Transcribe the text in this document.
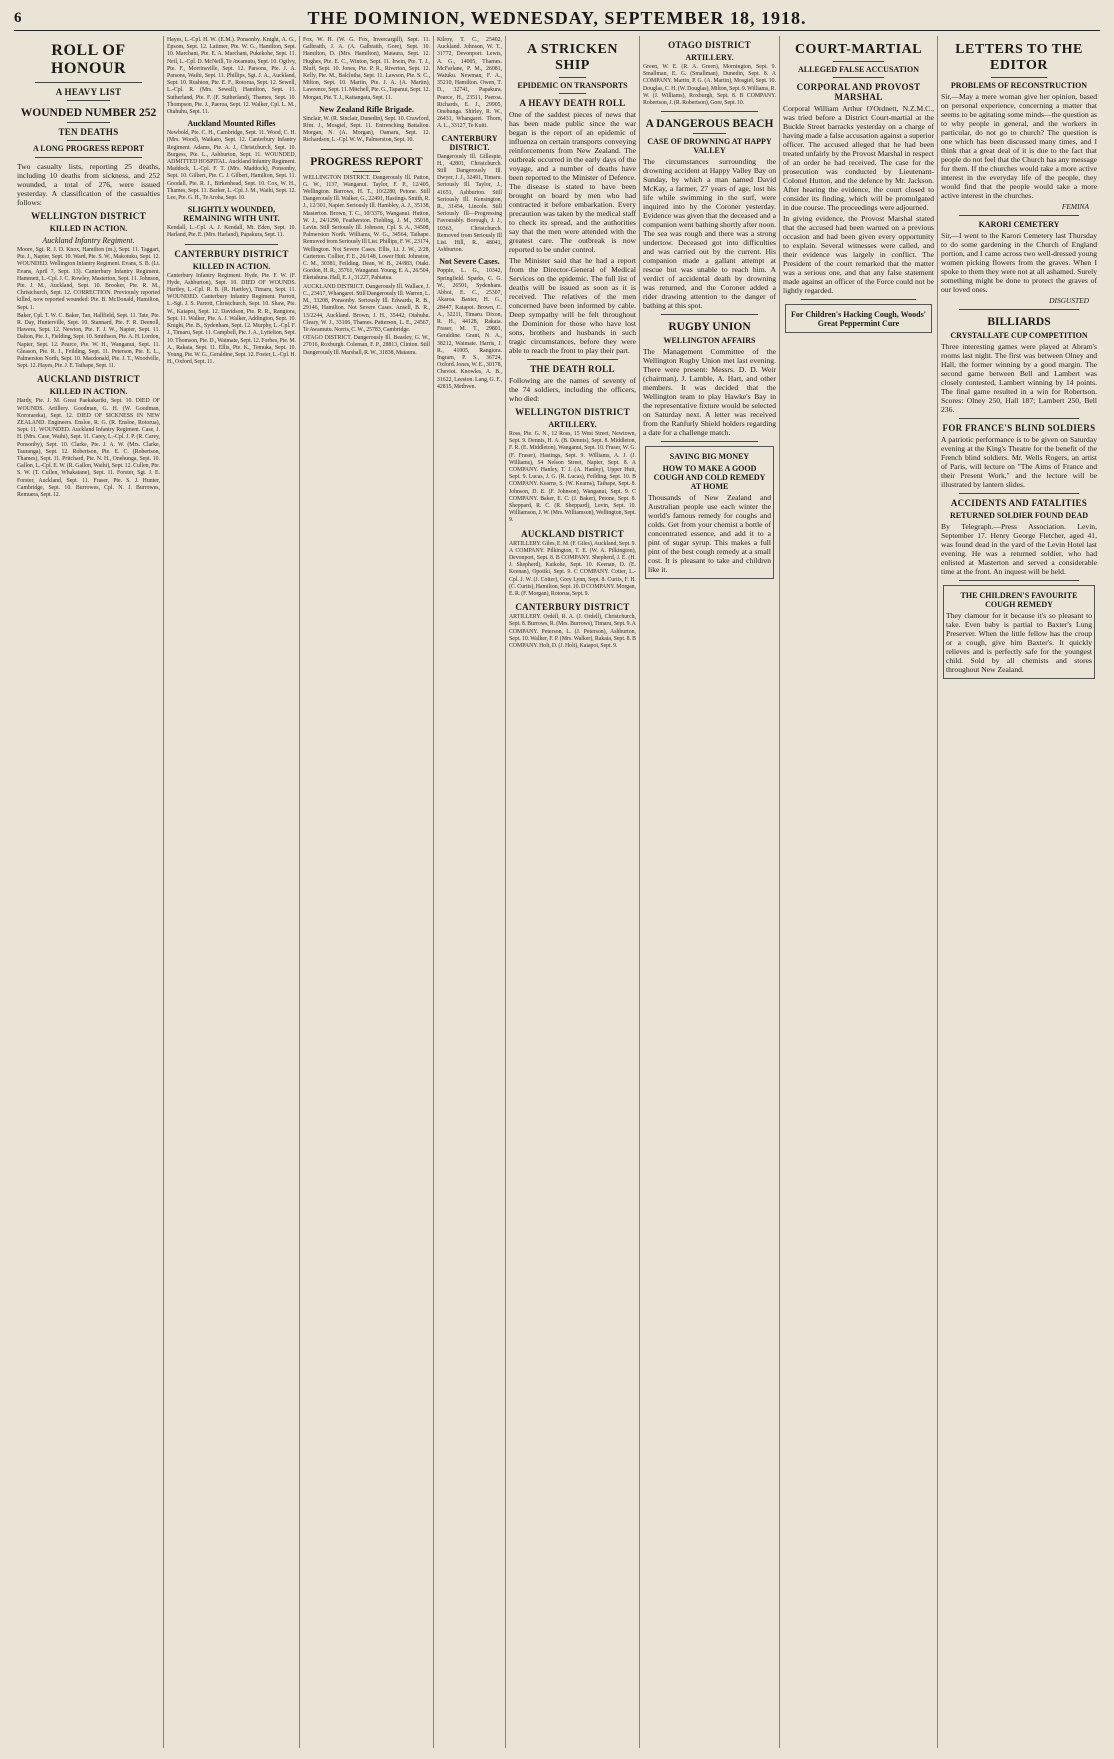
6	THE DOMINION, WEDNESDAY, SEPTEMBER 18, 1918.
ROLL OF HONOUR
A HEAVY LIST
WOUNDED NUMBER 252
TEN DEATHS
A LONG PROGRESS REPORT

Two casualty lists, reporting 25 deaths, including 10 deaths from sickness, and 252 wounded, a total of 276, were issued yesterday. A classification of the casualties follows:

WELLINGTON DISTRICT
KILLED IN ACTION.
Auckland Infantry Regiment.

Moore, Sgt. R. J. D. Knox, Hamilton (m.), Sept. 11. Taggart, Pte. J., Napier, Sept. 10. Ward, Pte. S. W., Makotuku, Sept. 12. WOUNDED. Wellington Infantry Regiment. Evans, S. B. (Lt. Evans, April 7, Sept. 13). Canterbury Infantry Regiment. Hammett, L.-Cpl. J. C. Rowley, Masterton, Sept. 11. Johnson, Pte. J. M., Auckland, Sept. 10. Brooker, Pte. R. M., Christchurch, Sept. 12. CORRECTION. Previously reported killed, now reported wounded: Pte. B. McDonald, Hamilton, Sept. 1.

Baker, Cpl. T. W. C. Baker, Tan, Hallfield, Sept. 11. Tate, Pte. R. Day, Hunterville, Sept. 10. Stannard, Pte. F. R. Deenoll, Hawera, Sept. 12. Newton, Pte. F. J. W., Napier, Sept. 11. Dalton, Pte. J., Fielding, Sept. 10. Smithson, Pte. A. H. Lordon, Napier, Sept. 12. Pearce, Pte. W. H., Wanganui, Sept. 11. Gleason, Pte. R. J., Feilding, Sept. 11. Peterson, Pte. E. L., Palmerston North, Sept. 10. Macdonald, Pte. J. T., Woodville, Sept. 12. Hayes, Pte. J. E. Taihape, Sept. 11.

AUCKLAND DISTRICT
KILLED IN ACTION.

Hardy, Pte. J. M. Great Paekakariki, Sept. 10. DIED OF WOUNDS. Artillery. Goodman, G. H. (W. Goodman, Kororareka), Sept. 12. DIED OF SICKNESS IN NEW ZEALAND. Engineers. Ensloe, R. G. (R. Ensloe, Rotorua), Sept. 11. WOUNDED. Auckland Infantry Regiment. Case, J. H. (Mrs. Case, Waihi), Sept. 11. Carey, L.-Cpl. J. P. (R. Carey, Ponsonby), Sept. 10. Clarke, Pte. J. A. W. (Mrs. Clarke, Tauranga), Sept. 12. Robertson, Pte. E. C. (Robertson, Thames), Sept. 11. Pritchard, Pte. N. H., Onehunga, Sept. 10. Gallon, L.-Cpl. E. W. (R. Gallon, Waihi), Sept. 12. Cullen, Pte. S. W. (T. Cullen, Whakatane), Sept. 11. Forster, Sgt. J. E. Forster, Auckland, Sept. 11. Fraser, Pte. S. J. Hunter, Cambridge, Sept. 10. Burrowes, Cpl. N. J. Burrowes, Remuera, Sept. 12.

Hayes, L.-Cpl. H. W. (E.M.). Ponsonby. Knight, A. G., Epsom, Sept. 12. Latimer, Pte. W. G., Hamilton, Sept. 10. Marchant, Pte. E. A. Marchant, Pukekohe, Sept. 11. Neil, L.-Cpl. D. McNeill, Te Awamutu, Sept. 10. Ogilvy, Pte. F., Morrinsville, Sept. 12. Parsons, Pte. J. A. Parsons, Waihi, Sept. 11. Phillips, Sgt. J. A., Auckland, Sept. 10. Rushton, Pte. E. F., Rotorua, Sept. 12. Sewell, L.-Cpl. R. (Mrs. Sewell), Hamilton, Sept. 11. Sutherland, Pte. F. (F. Sutherland), Thames, Sept. 10. Thompson, Pte. J., Paeroa, Sept. 12. Walker, Cpl. L. M., Otahuhu, Sept. 11.

Auckland Mounted Rifles

Newbold, Pte. C. H., Cambridge, Sept. 11. Wood, C. H. (Mrs. Wood), Waikato, Sept. 12. Canterbury Infantry Regiment. Adams, Pte. A. J., Christchurch, Sept. 10. Burgess, Pte. L., Ashburton, Sept. 11. WOUNDED, ADMITTED HOSPITAL. Auckland Infantry Regiment. Maddock, L.-Cpl. F. T. (Mrs. Maddock), Ponsonby, Sept. 10. Gilbert, Pte. C. J. Gilbert, Hamilton, Sept. 11. Goodall, Pte. R. J., Birkenhead, Sept. 10. Cox, W. H., Thames, Sept. 11. Barker, L.-Cpl. J. M., Waihi, Sept. 12. Lee, Pte. G. H., Te Aroha, Sept. 10.

SLIGHTLY WOUNDED, REMAINING WITH UNIT.

Kendall, L.-Cpl. A. J. Kendall, Mt. Eden, Sept. 10. Harland, Pte. E. (Mrs. Harland), Papakura, Sept. 11.

CANTERBURY DISTRICT
KILLED IN ACTION.

Canterbury Infantry Regiment. Hyde, Pte. F. W. (F. Hyde, Ashburton), Sept. 10. DIED OF WOUNDS. Hartley, L.-Cpl. R. B. (R. Hartley), Timaru, Sept. 11. WOUNDED. Canterbury Infantry Regiment. Parrott, L.-Sgt. J. S. Parrott, Christchurch, Sept. 10. Shaw, Pte. W., Kaiapoi, Sept. 12. Davidson, Pte. R. R., Rangiora, Sept. 11. Walker, Pte. A. J. Walker, Addington, Sept. 10. Knight, Pte. B., Sydenham, Sept. 12. Murphy, L.-Cpl. F. J., Timaru, Sept. 11. Campbell, Pte. J. A., Lyttelton, Sept. 10. Thomson, Pte. D., Waimate, Sept. 12. Forbes, Pte. M. A., Rakaia, Sept. 11. Ellis, Pte. K., Temuka, Sept. 10. Young, Pte. W. G., Geraldine, Sept. 12. Foster, L.-Cpl. H. H., Oxford, Sept. 11.

Fox, W. H. (W. G. Fox, Invercargill), Sept. 11. Galbraith, J. A. (A. Galbraith, Gore), Sept. 10. Hamilton, D. (Mrs. Hamilton), Mataura, Sept. 12. Hughes, Pte. E. C., Winton, Sept. 11. Irwin, Pte. T. J., Bluff, Sept. 10. Jones, Pte. P. R., Riverton, Sept. 12. Kelly, Pte. M., Balclutha, Sept. 11. Lawson, Pte. S. C., Milton, Sept. 10. Martin, Pte. J. A. (A. Martin), Lawrence, Sept. 11. Mitchell, Pte. G., Tapanui, Sept. 12. Morgan, Pte. T. J., Kaitangata, Sept. 11.

New Zealand Rifle Brigade.

Sinclair, W. (R. Sinclair, Dunedin), Sept. 10. Crawford, Rfm. J., Mosgiel, Sept. 11. Entrenching Battalion. Morgan, N. (A. Morgan), Oamaru, Sept. 12. Richardson, L.-Cpl. W. W., Palmerston, Sept. 10.

PROGRESS REPORT

WELLINGTON DISTRICT. Dangerously Ill. Patton, G. W., 1137, Wanganui. Taylor, F. P., 12/405, Wellington. Barrows, H. T., 10/2280, Petone. Still Dangerously Ill. Walker, G., 22491, Hastings. Smith, R. J., 12/301, Napier. Seriously Ill. Hambley, A. J., 35138, Masterton. Brown, T. C., 10/3376, Wanganui. Hutton, W. J., 24/1290, Featherston. Fielding, J. M., 35018, Levin. Still Seriously Ill. Johnson, Cpl. S. A., 34508, Palmerston North. Williams, W. G., 34564, Taihape. Removed from Seriously Ill List. Phillips, F. W., 23174, Wellington. Not Severe Cases. Ellis, Lt. J. W., 2/28, Carterton. Collier, F. E., 26/148, Lower Hutt. Johnston, C. M., 30381, Feilding. Dean, W. B., 24/883, Otaki. Gordon, H. R., 35761, Wanganui. Young, E. A., 26/504, Eketahuna. Hall, E. J., 31227, Pahiatua.

AUCKLAND DISTRICT. Dangerously Ill. Wallace, J. C., 23417, Whangarei. Still Dangerously Ill. Warren, L. M., 33208, Ponsonby. Seriously Ill. Edwards, R. B., 29146, Hamilton. Not Severe Cases. Ansell, B. R., 13/2244, Auckland. Brown, J. H., 35442, Otahuhu. Cleary, W. J., 33106, Thames. Patterson, L. E., 24567, Te Awamutu. Norris, C. W., 25783, Cambridge.

OTAGO DISTRICT. Dangerously Ill. Beasley, G. W., 27016, Roxburgh. Coleman, F. P., 28813, Clinton. Still Dangerously Ill. Marshall, R. W., 31838, Mataura.

Kilroy, T. C., 25402, Auckland. Johnson, W. T., 31772, Devonport. Lewis, A. G., 14005, Thames. McFarlane, P. M., 26081, Waiuku. Newman, F. A., 35210, Hamilton. Owen, T. D., 32741, Papakura. Pearce, H., 23511, Paeroa. Richards, E. J., 29905, Onehunga. Shirley, R. W., 26431, Whangarei. Thorn, A. L., 33127, Te Kuiti.

CANTERBURY DISTRICT.

Dangerously Ill. Gillespie, H., 42801, Christchurch. Still Dangerously Ill. Dwyer, J. J., 32491, Timaru. Seriously Ill. Taylor, J., 41651, Ashburton. Still Seriously Ill. Kensington, R., 31454, Lincoln. Still Seriously Ill—Progressing Favourably. Borough, J. J., 10363, Christchurch. Removed from Seriously Ill List. Hill, R., 48041, Ashburton.

Not Severe Cases.

Poppie, L. G., 10342, Springfield. Sparks, C. G. W., 26501, Sydenham. Abbot, E. C., 25307, Akaroa. Baxter, H. G., 28447, Kaiapoi. Brown, C. A., 32211, Timaru. Dixon, R. H., 44128, Rakaia. Fraser, M. T., 29801, Geraldine. Grant, N. A., 38212, Waimate. Harris, J. R., 41005, Rangiora. Ingram, P. S., 36724, Oxford. Jones, W. E., 30178, Cheviot. Knowles, A. B., 31622, Leeston. Lang, G. F., 42815, Methven.

A STRICKEN SHIP
EPIDEMIC ON TRANSPORTS
A HEAVY DEATH ROLL

One of the saddest pieces of news that has been made public since the war began is the report of an epidemic of influenza on certain transports conveying reinforcements from New Zealand. The outbreak occurred in the early days of the voyage, and a number of deaths have been reported to the Minister of Defence. The disease is stated to have been brought on board by men who had contracted it before embarkation. Every precaution was taken by the medical staff to check its spread, and the authorities say that the men were attended with the greatest care. The outbreak is now reported to be under control.

The Minister said that he had a report from the Director-General of Medical Services on the epidemic. The full list of deaths will be issued as soon as it is received. The relatives of the men concerned have been informed by cable. Deep sympathy will be felt throughout the Dominion for those who have lost sons, brothers and husbands in such tragic circumstances, before they were able to reach the front to play their part.

THE DEATH ROLL

Following are the names of seventy of the 74 soldiers, including the officers, who died:

WELLINGTON DISTRICT
ARTILLERY.

Ross, Pte. G. N., 12 Ross, 15 West Street, Newtown, Sept. 9. Dennis, H. A. (B. Dennis), Sept. 8. Middleton, F. R. (E. Middleton), Wanganui, Sept. 10. Fraser, W. G. (F. Fraser), Hastings, Sept. 9. Williams, A. J. (J. Williams), 54 Nelson Street, Napier, Sept. 8. A COMPANY. Hanley, T. J. (A. Hanley), Upper Hutt, Sept. 9. Lucas, J. G. (R. Lucas), Feilding, Sept. 10. B COMPANY. Kearns, S. (W. Kearns), Taihape, Sept. 8. Johnson, D. E. (F. Johnson), Wanganui, Sept. 9. C COMPANY. Baker, E. C. (J. Baker), Petone, Sept. 8. Sheppard, R. C. (R. Sheppard), Levin, Sept. 10. Williamson, J. W. (Mrs. Williamson), Wellington, Sept. 9.

AUCKLAND DISTRICT

ARTILLERY. Giles, E. M. (F. Giles), Auckland, Sept. 9. A COMPANY. Pilkington, T. E. (W. A. Pilkington), Devonport, Sept. 8. B COMPANY. Shepherd, J. E. (H. J. Shepherd), Kaikohe, Sept. 10. Keenan, D. (E. Keenan), Opotiki, Sept. 9. C COMPANY. Cotter, L.-Cpl. J. W. (J. Cotter), Grey Lynn, Sept. 8. Curtis, F. H. (C. Curtis), Hamilton, Sept. 10. D COMPANY. Morgan, E. R. (F. Morgan), Rotorua, Sept. 9.

CANTERBURY DISTRICT

ARTILLERY. Ordell, R. A. (J. Ordell), Christchurch, Sept. 8. Burrows, R. (Mrs. Burrows), Timaru, Sept. 9. A COMPANY. Peterson, L. (J. Peterson), Ashburton, Sept. 10. Walker, F. P. (Mrs. Walker), Rakaia, Sept. 8. B COMPANY. Holt, D. (J. Holt), Kaiapoi, Sept. 9.

OTAGO DISTRICT
ARTILLERY.

Green, W. E. (R. A. Green), Mornington, Sept. 9. Smallman, E. G. (Smallman), Dunedin, Sept. 8. A COMPANY. Martin, P. G. (A. Martin), Mosgiel, Sept. 10. Douglas, C. H. (W. Douglas), Milton, Sept. 9. Williams, R. W. (J. Williams), Roxburgh, Sept. 8. B COMPANY. Robertson, J. (R. Robertson), Gore, Sept. 10.

A DANGEROUS BEACH
CASE OF DROWNING AT HAPPY VALLEY

The circumstances surrounding the drowning accident at Happy Valley Bay on Sunday, by which a man named David McKay, a farmer, 27 years of age, lost his life while swimming in the surf, were inquired into by the Coroner yesterday. Evidence was given that the deceased and a companion went bathing shortly after noon. The sea was rough and there was a strong undertow. Deceased got into difficulties and was carried out by the current. His companion made a gallant attempt at rescue but was unable to reach him. A verdict of accidental death by drowning was returned, and the Coroner added a rider drawing attention to the danger of bathing at this spot.

RUGBY UNION
WELLINGTON AFFAIRS

The Management Committee of the Wellington Rugby Union met last evening. There were present: Messrs. D. D. Weir (chairman), J. Lamble, A. Hart, and other members. It was decided that the Wellington team to play Hawke's Bay in the representative fixture would be selected on Saturday next. A letter was received from the Ranfurly Shield holders regarding a date for a challenge match.

SAVING BIG MONEY
HOW TO MAKE A GOOD COUGH AND COLD REMEDY AT HOME

Thousands of New Zealand and Australian people use each winter the world's famous remedy for coughs and colds. Get from your chemist a bottle of concentrated essence, and add it to a pint of sugar syrup. This makes a full pint of the best cough remedy at a small cost. It is pleasant to take and children like it.

COURT-MARTIAL
ALLEGED FALSE ACCUSATION
CORPORAL AND PROVOST MARSHAL

Corporal William Arthur O'Ordnett, N.Z.M.C., was tried before a District Court-martial at the Buckle Street barracks yesterday on a charge of having made a false accusation against a superior officer. The accused alleged that he had been treated unfairly by the Provost Marshal in respect of an order he had received. The case for the prosecution was conducted by Lieutenant-Colonel Hutton, and the defence by Mr. Jackson. After hearing the evidence, the court closed to consider its finding, which will be promulgated in due course. The proceedings were adjourned.

In giving evidence, the Provost Marshal stated that the accused had been warned on a previous occasion and had been given every opportunity to explain. Several witnesses were called, and their evidence was largely in conflict. The President of the court remarked that the matter was a serious one, and that any false statement made against an officer of the Force could not be lightly regarded.

For Children's Hacking Cough, Woods' Great Peppermint Cure
LETTERS TO THE EDITOR
PROBLEMS OF RECONSTRUCTION

Sir,—May a mere woman give her opinion, based on personal experience, concerning a matter that seems to be agitating some minds—the question as to why people in general, and the workers in particular, do not go to church? The question is one which has been discussed many times, and I think that a great deal of it is due to the fact that people do not feel that the Church has any message for them. If the churches would take a more active interest in the everyday life of the people, they would find that the people would take a more active interest in the churches.

FEMINA
KARORI CEMETERY

Sir,—I went to the Karori Cemetery last Thursday to do some gardening in the Church of England portion, and I came across two well-dressed young women picking flowers from the graves. When I spoke to them they were not at all ashamed. Surely something might be done to protect the graves of our loved ones.

DISGUSTED
BILLIARDS
CRYSTALLATE CUP COMPETITION

Three interesting games were played at Abram's rooms last night. The first was between Olney and Hall, the former winning by a good margin. The second game between Bell and Lambert was closely contested, Lambert winning by 14 points. The final game resulted in a win for Robertson. Scores: Olney 250, Hall 187; Lambert 250, Bell 236.

FOR FRANCE'S BLIND SOLDIERS

A patriotic performance is to be given on Saturday evening at the King's Theatre for the benefit of the French blind soldiers. Mr. Wells Rogers, an artist of Paris, will lecture on "The Aims of France and their Present Work," and the lecture will be illustrated by lantern slides.

ACCIDENTS AND FATALITIES
RETURNED SOLDIER FOUND DEAD

By Telegraph.—Press Association. Levin, September 17. Henry George Fletcher, aged 41, was found dead in the yard of the Levin Hotel last evening. He was a returned soldier, who had enlisted at Masterton and served a considerable time at the front. An inquest will be held.

THE CHILDREN'S FAVOURITE COUGH REMEDY

They clamour for it because it's so pleasant to take. Even baby is partial to Baxter's Lung Preserver. When the little fellow has the croup or a cough, give him Baxter's. It quickly relieves and is perfectly safe for the youngest child. Sold by all chemists and stores throughout New Zealand.
